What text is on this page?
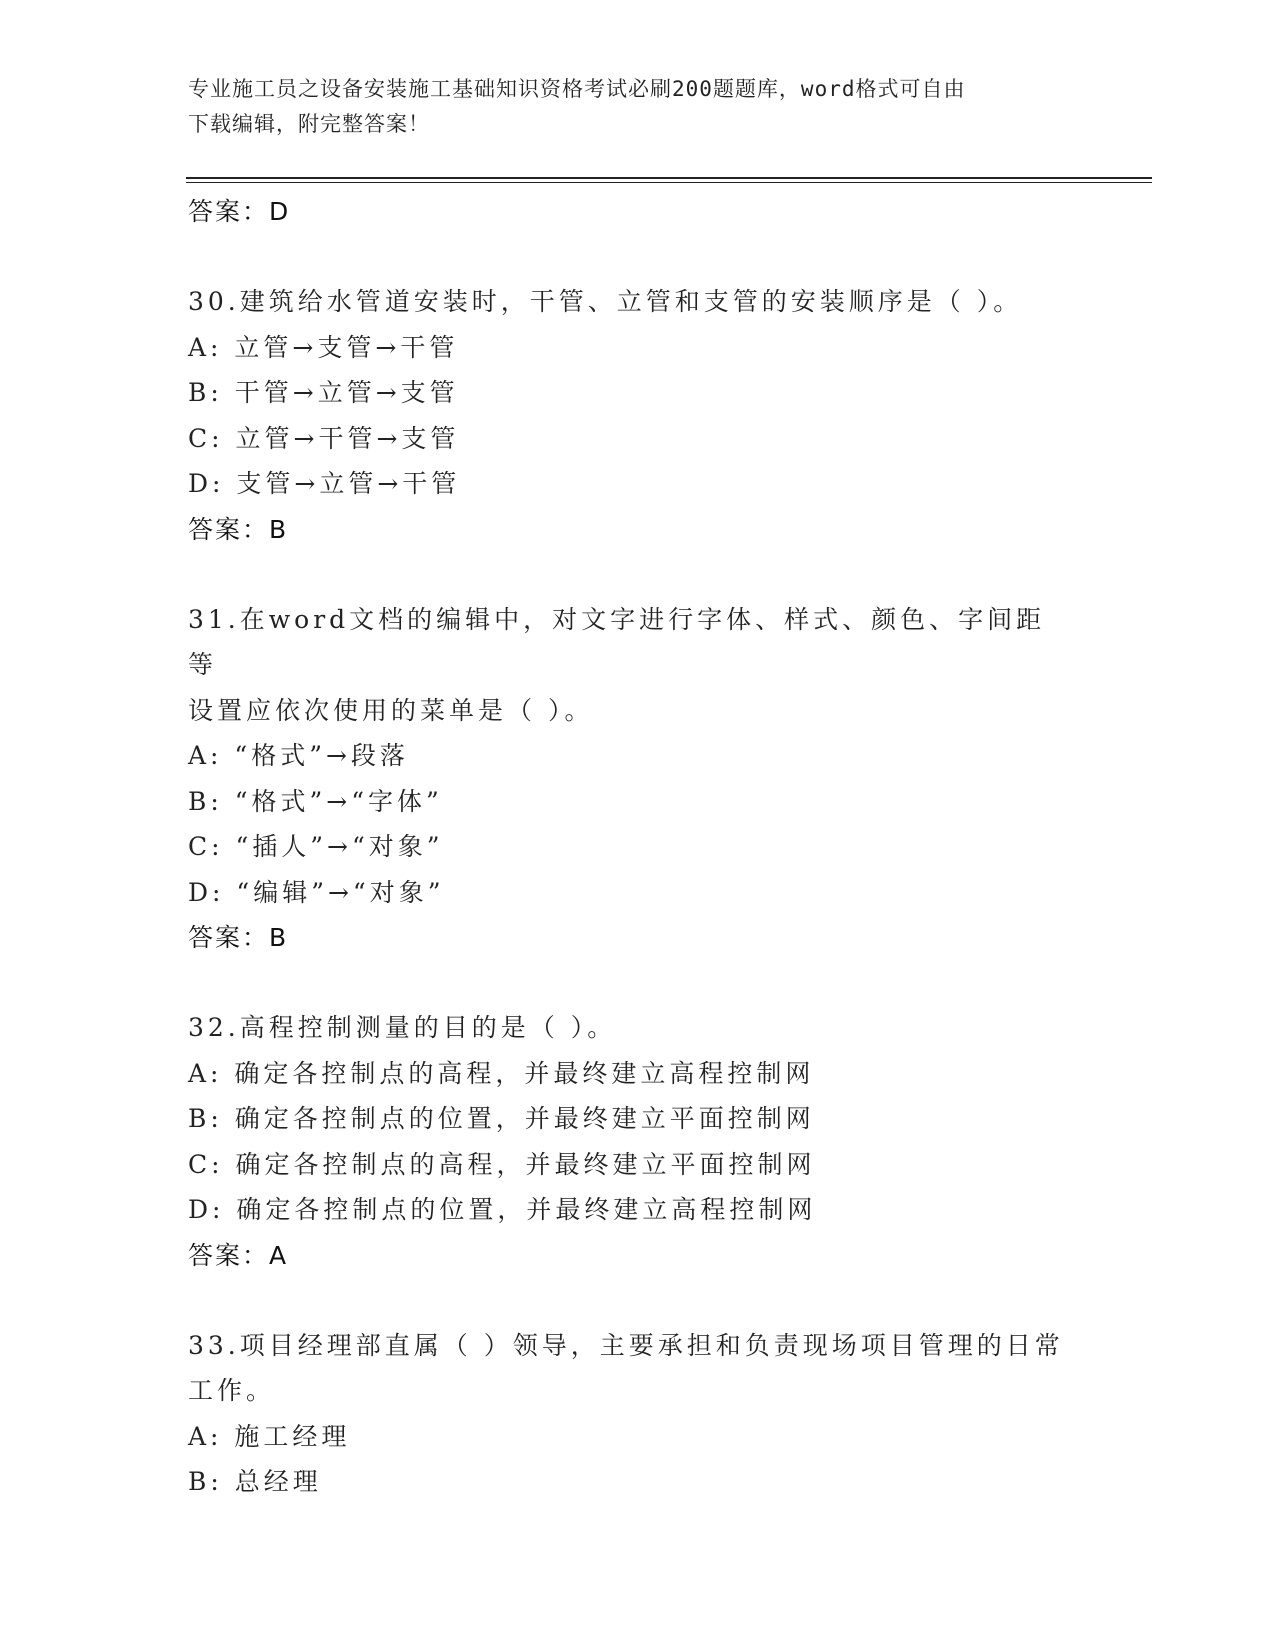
专业施工员之设备安装施工基础知识资格考试必刷200题题库，word格式可自由
下载编辑，附完整答案！
答案：D
30.建筑给水管道安装时，干管、立管和支管的安装顺序是（ ）。
A: 立管→支管→干管
B: 干管→立管→支管
C: 立管→干管→支管
D: 支管→立管→干管
答案：B
31.在word文档的编辑中，对文字进行字体、样式、颜色、字间距等
设置应依次使用的菜单是（ ）。
A: “格式”→段落
B: “格式”→“字体”
C: “插人”→“对象”
D: “编辑”→“对象”
答案：B
32.高程控制测量的目的是（ ）。
A: 确定各控制点的高程，并最终建立高程控制网
B: 确定各控制点的位置，并最终建立平面控制网
C: 确定各控制点的高程，并最终建立平面控制网
D: 确定各控制点的位置，并最终建立高程控制网
答案：A
33.项目经理部直属（ ）领导，主要承担和负责现场项目管理的日常
工作。
A: 施工经理
B: 总经理
